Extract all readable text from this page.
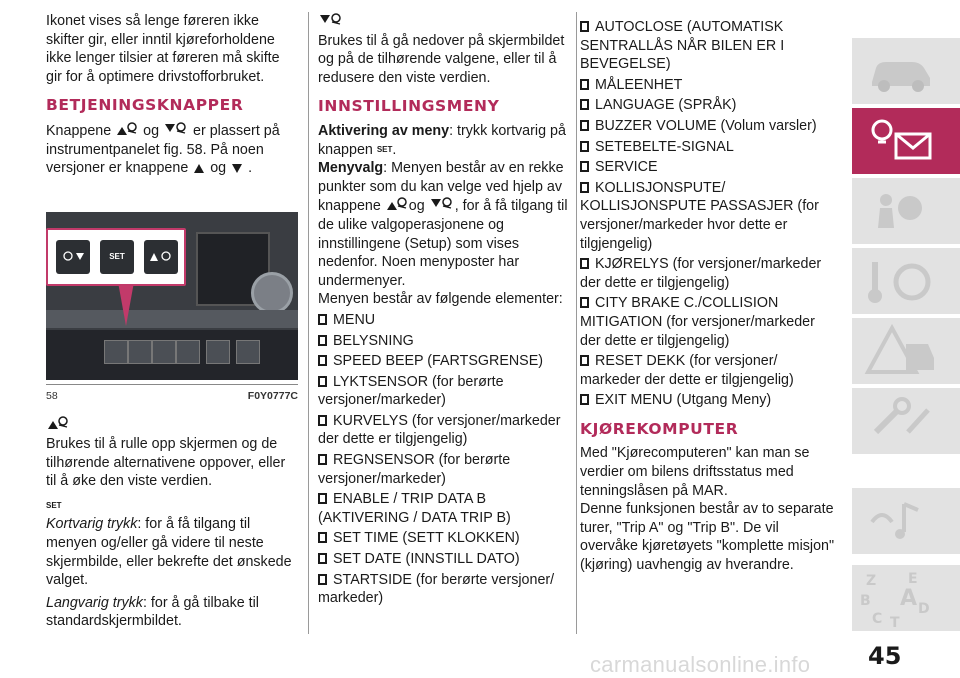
Ikonet vises så lenge føreren ikke skifter gir, eller inntil kjøreforholdene ikke lenger tilsier at føreren må skifte gir for å optimere drivstofforbruket.

BETJENINGSKNAPPER

Knappene og er plassert på instrumentpanelet fig. 58. På noen versjoner er knappene og .

SET
58	F0Y0777C

Brukes til å rulle opp skjermen og de tilhørende alternativene oppover, eller til å øke den viste verdien.

SET
Kortvarig trykk: for å få tilgang til menyen og/eller gå videre til neste skjermbilde, eller bekrefte det ønskede valget.

Langvarig trykk: for å gå tilbake til standardskjermbildet.

Brukes til å gå nedover på skjermbildet og på de tilhørende valgene, eller til å redusere den viste verdien.

INNSTILLINGSMENY

Aktivering av meny: trykk kortvarig på knappen SET.

Menyvalg: Menyen består av en rekke punkter som du kan velge ved hjelp av knappene og , for å få tilgang til de ulike valgoperasjonene og innstillingene (Setup) som vises nedenfor. Noen menyposter har undermenyer.

Menyen består av følgende elementer:

MENU

BELYSNING

SPEED BEEP (FARTSGRENSE)

LYKTSENSOR (for berørte versjoner/markeder)

KURVELYS (for versjoner/markeder der dette er tilgjengelig)

REGNSENSOR (for berørte versjoner/markeder)

ENABLE / TRIP DATA B (AKTIVERING / DATA TRIP B)

SET TIME (SETT KLOKKEN)

SET DATE (INNSTILL DATO)

STARTSIDE (for berørte versjoner/ markeder)

AUTOCLOSE (AUTOMATISK SENTRALLÅS NÅR BILEN ER I BEVEGELSE)

MÅLEENHET

LANGUAGE (SPRÅK)

BUZZER VOLUME (Volum varsler)

SETEBELTE-SIGNAL

SERVICE

KOLLISJONSPUTE/ KOLLISJONSPUTE PASSASJER (for versjoner/markeder hvor dette er tilgjengelig)

KJØRELYS (for versjoner/markeder der dette er tilgjengelig)

CITY BRAKE C./COLLISION MITIGATION (for versjoner/markeder der dette er tilgjengelig)

RESET DEKK (for versjoner/ markeder der dette er tilgjengelig)

EXIT MENU (Utgang Meny)

KJØREKOMPUTER

Med "Kjørecomputeren" kan man se verdier om bilens driftsstatus med tenningslåsen på MAR.

Denne funksjonen består av to separate turer, "Trip A" og "Trip B". De vil overvåke kjøretøyets "komplette misjon" (kjøring) uavhengig av hverandre.

Z E
B A
C T
D
carmanualsonline.info 45
